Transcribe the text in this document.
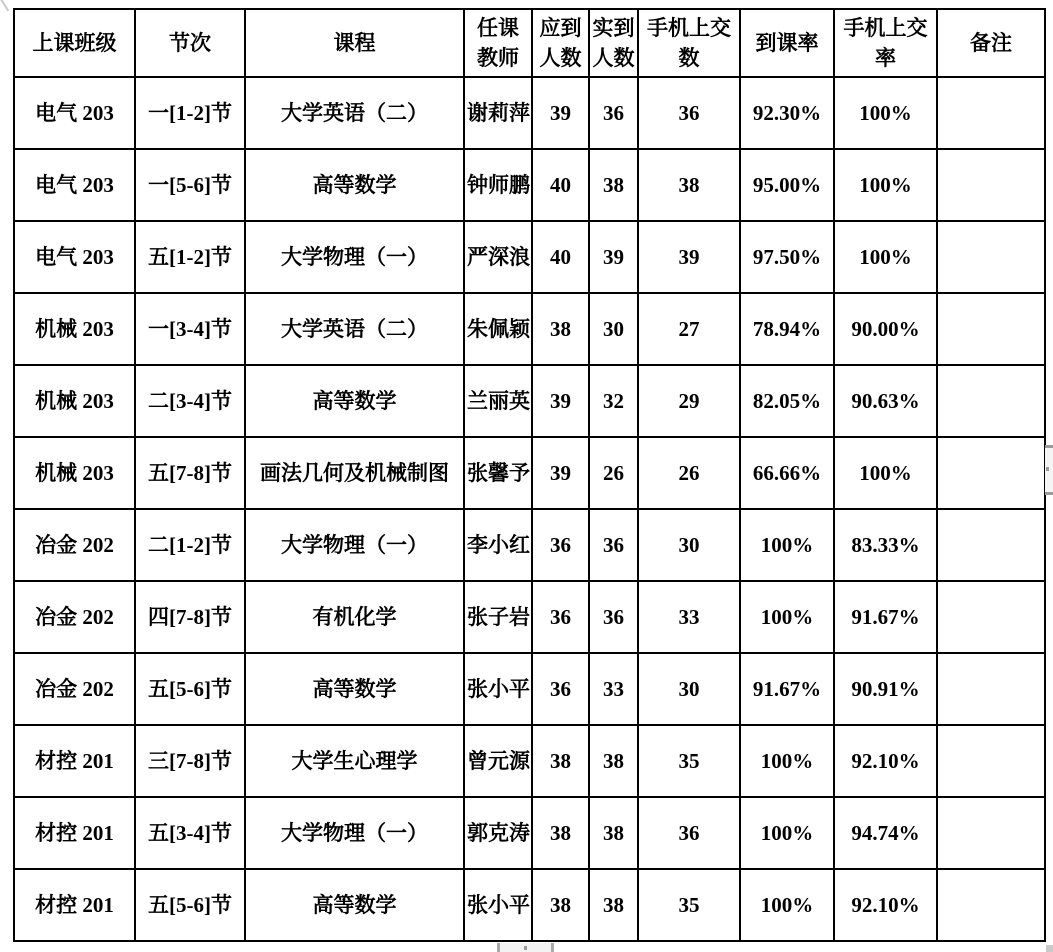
上课班级	节次	课程	任课教师	应到人数	实到人数	手机上交数	到课率	手机上交率	备注
电气 203	一[1-2]节	大学英语（二）	谢莉萍	39	36	36	92.30%	100%	
电气 203	一[5-6]节	高等数学	钟师鹏	40	38	38	95.00%	100%	
电气 203	五[1-2]节	大学物理（一）	严深浪	40	39	39	97.50%	100%	
机械 203	一[3-4]节	大学英语（二）	朱佩颖	38	30	27	78.94%	90.00%	
机械 203	二[3-4]节	高等数学	兰丽英	39	32	29	82.05%	90.63%	
机械 203	五[7-8]节	画法几何及机械制图	张馨予	39	26	26	66.66%	100%	
冶金 202	二[1-2]节	大学物理（一）	李小红	36	36	30	100%	83.33%	
冶金 202	四[7-8]节	有机化学	张子岩	36	36	33	100%	91.67%	
冶金 202	五[5-6]节	高等数学	张小平	36	33	30	91.67%	90.91%	
材控 201	三[7-8]节	大学生心理学	曾元源	38	38	35	100%	92.10%	
材控 201	五[3-4]节	大学物理（一）	郭克涛	38	38	36	100%	94.74%	
材控 201	五[5-6]节	高等数学	张小平	38	38	35	100%	92.10%	
